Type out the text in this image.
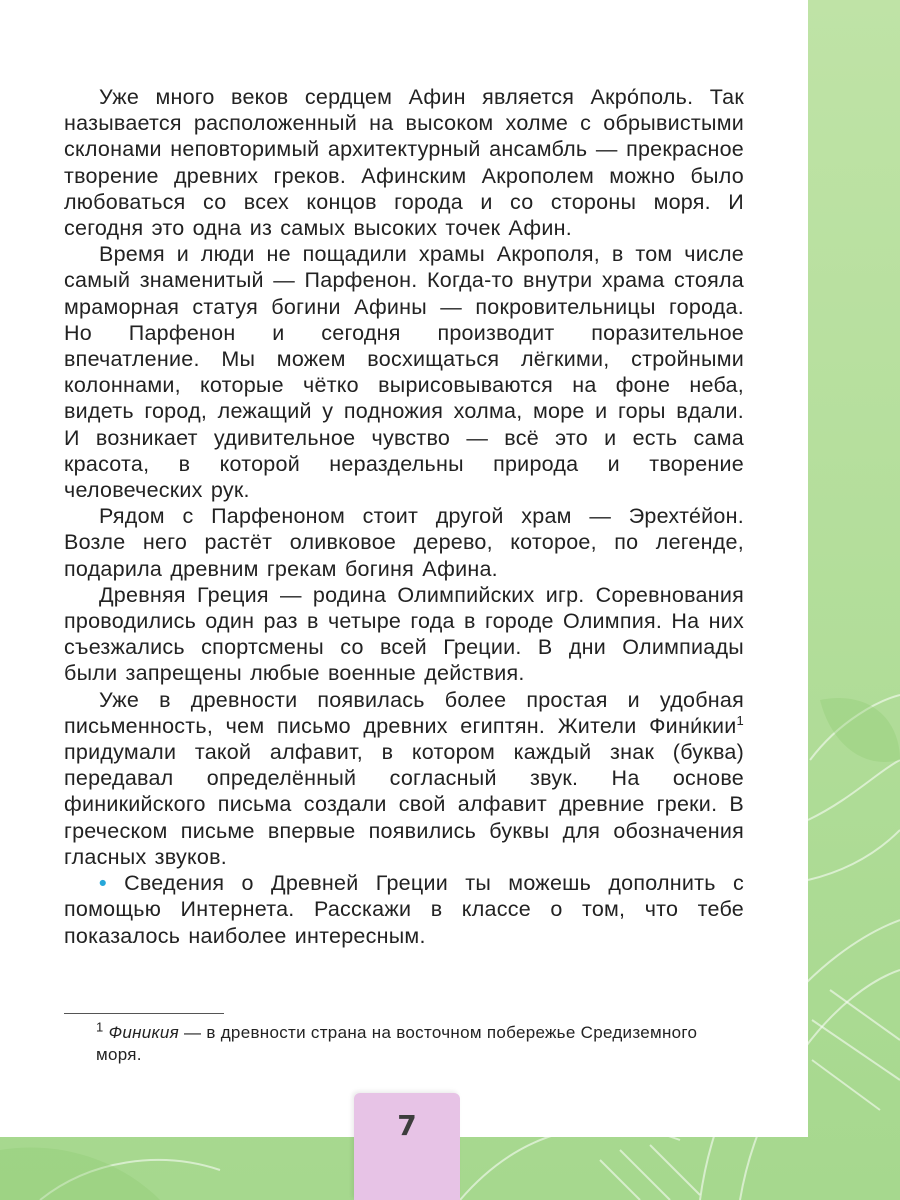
Уже много веков сердцем Афин является Акро́поль. Так называется расположенный на высоком холме с обрывистыми склонами неповторимый архитектурный ансамбль — прекрасное творение древних греков. Афинским Акрополем можно было любоваться со всех концов города и со стороны моря. И сегодня это одна из самых высоких точек Афин.

Время и люди не пощадили храмы Акрополя, в том числе самый знаменитый — Парфенон. Когда-то внутри храма стояла мраморная статуя богини Афины — покровительницы города. Но Парфенон и сегодня производит поразительное впечатление. Мы можем восхищаться лёгкими, стройными колоннами, которые чётко вырисовываются на фоне неба, видеть город, лежащий у подножия холма, море и горы вдали. И возникает удивительное чувство — всё это и есть сама красота, в которой нераздельны природа и творение человеческих рук.

Рядом с Парфеноном стоит другой храм — Эрехте́йон. Возле него растёт оливковое дерево, которое, по легенде, подарила древним грекам богиня Афина.

Древняя Греция — родина Олимпийских игр. Соревнования проводились один раз в четыре года в городе Олимпия. На них съезжались спортсмены со всей Греции. В дни Олимпиады были запрещены любые военные действия.

Уже в древности появилась более простая и удобная письменность, чем письмо древних египтян. Жители Фини́кии$^1$ придумали такой алфавит, в котором каждый знак (буква) передавал определённый согласный звук. На основе финикийского письма создали свой алфавит древние греки. В греческом письме впервые появились буквы для обозначения гласных звуков.

• Сведения о Древней Греции ты можешь дополнить с помощью Интернета. Расскажи в классе о том, что тебе показалось наиболее интересным.

$^1$ Финикия — в древности страна на восточном побережье Средиземного моря.
7
